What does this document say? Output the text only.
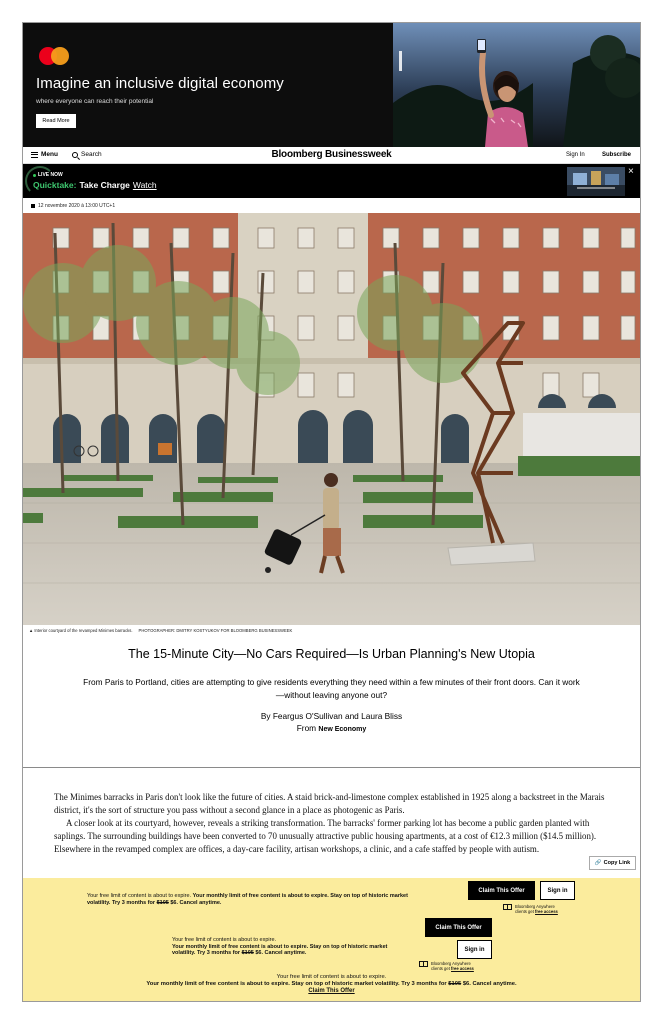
Imagine an inclusive digital economy
where everyone can reach their potential
Read More
Menu	Search	Bloomberg Businessweek	Sign In	Subscribe
LIVE NOW
Quicktake: Take Charge Watch
×
12 novembre 2020 à 13:00 UTC+1
▲ Interior courtyard of the revamped Minimes barracks. PHOTOGRAPHER: DMITRY KOSTYUKOV FOR BLOOMBERG BUSINESSWEEK
The 15-Minute City—No Cars Required—Is Urban Planning's New Utopia

From Paris to Portland, cities are attempting to give residents everything they need within a few minutes of their front doors. Can it work—without leaving anyone out?

By Feargus O'Sullivan and Laura Bliss
From New Economy

The Minimes barracks in Paris don't look like the future of cities. A staid brick-and-limestone complex established in 1925 along a backstreet in the Marais district, it's the sort of structure you pass without a second glance in a place as photogenic as Paris.

A closer look at its courtyard, however, reveals a striking transformation. The barracks' former parking lot has become a public garden planted with saplings. The surrounding buildings have been converted to 70 unusually attractive public housing apartments, at a cost of €12.3 million ($14.5 million). Elsewhere in the revamped complex are offices, a day-care facility, artisan workshops, a clinic, and a cafe staffed by people with autism.

🔗 Copy Link
Your free limit of content is about to expire. Your monthly limit of free content is about to expire. Stay on top of historic market volatility. Try 3 months for $105 $6. Cancel anytime.
Claim This Offer	Sign in
Bloomberg Anywhere
clients get free access
Your free limit of content is about to expire.
Your monthly limit of free content is about to expire. Stay on top of historic market volatility. Try 3 months for $105 $6. Cancel anytime.
Claim This Offer
Sign in
Bloomberg Anywhere
clients get free access
Your free limit of content is about to expire.
Your monthly limit of free content is about to expire. Stay on top of historic market volatility. Try 3 months for $105 $6. Cancel anytime.
Claim This Offer
